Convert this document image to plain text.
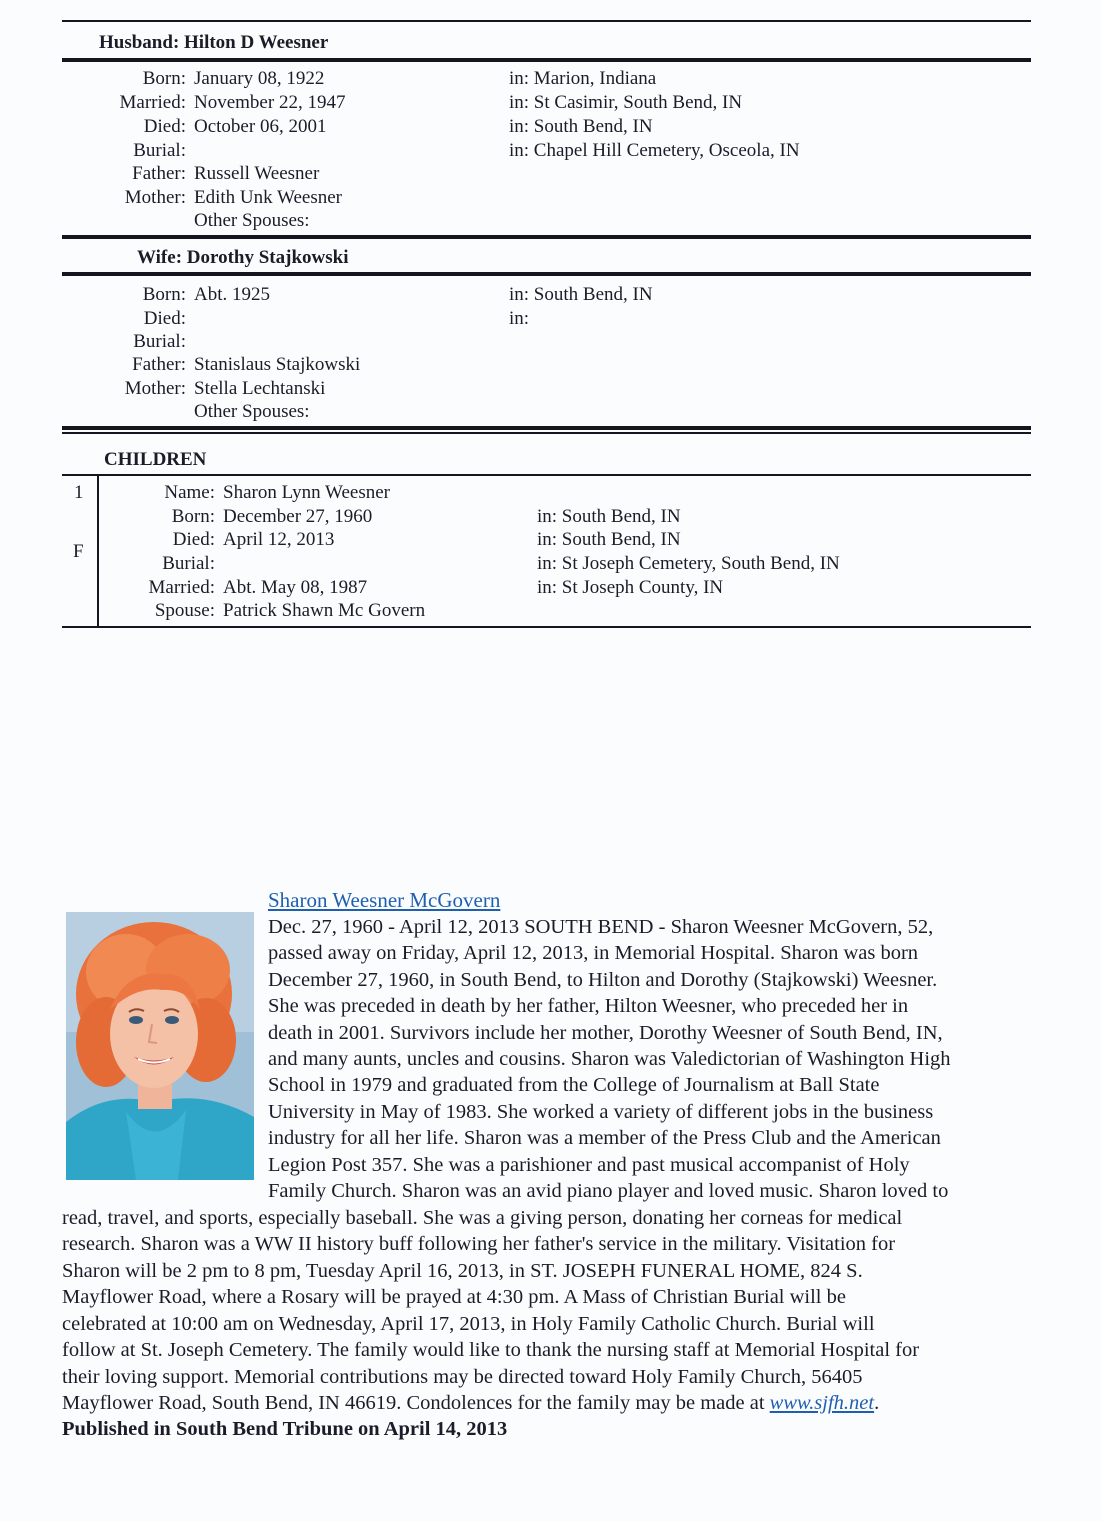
Husband: Hilton D Weesner
Born:
Married:
Died:
Burial:
Father:
Mother:
January 08, 1922
November 22, 1947
October 06, 2001
Russell Weesner
Edith Unk Weesner
Other Spouses:
in: Marion, Indiana
in: St Casimir, South Bend, IN
in: South Bend, IN
in: Chapel Hill Cemetery, Osceola, IN
Wife: Dorothy Stajkowski
Born:
Died:
Burial:
Father:
Mother:
Abt. 1925
Stanislaus Stajkowski
Stella Lechtanski
Other Spouses:
in: South Bend, IN
in:
CHILDREN
1
F
Name:
Born:
Died:
Burial:
Married:
Spouse:
Sharon Lynn Weesner
December 27, 1960
April 12, 2013
Abt. May 08, 1987
Patrick Shawn Mc Govern
in: South Bend, IN
in: South Bend, IN
in: St Joseph Cemetery, South Bend, IN
in: St Joseph County, IN
Sharon Weesner McGovern
Dec. 27, 1960 - April 12, 2013 SOUTH BEND - Sharon Weesner McGovern, 52,
passed away on Friday, April 12, 2013, in Memorial Hospital. Sharon was born
December 27, 1960, in South Bend, to Hilton and Dorothy (Stajkowski) Weesner.
She was preceded in death by her father, Hilton Weesner, who preceded her in
death in 2001. Survivors include her mother, Dorothy Weesner of South Bend, IN,
and many aunts, uncles and cousins. Sharon was Valedictorian of Washington High
School in 1979 and graduated from the College of Journalism at Ball State
University in May of 1983. She worked a variety of different jobs in the business
industry for all her life. Sharon was a member of the Press Club and the American
Legion Post 357. She was a parishioner and past musical accompanist of Holy
Family Church. Sharon was an avid piano player and loved music. Sharon loved to
read, travel, and sports, especially baseball. She was a giving person, donating her corneas for medical
research. Sharon was a WW II history buff following her father's service in the military. Visitation for
Sharon will be 2 pm to 8 pm, Tuesday April 16, 2013, in ST. JOSEPH FUNERAL HOME, 824 S.
Mayflower Road, where a Rosary will be prayed at 4:30 pm. A Mass of Christian Burial will be
celebrated at 10:00 am on Wednesday, April 17, 2013, in Holy Family Catholic Church. Burial will
follow at St. Joseph Cemetery. The family would like to thank the nursing staff at Memorial Hospital for
their loving support. Memorial contributions may be directed toward Holy Family Church, 56405
Mayflower Road, South Bend, IN 46619. Condolences for the family may be made at www.sjfh.net.
Published in South Bend Tribune on April 14, 2013
